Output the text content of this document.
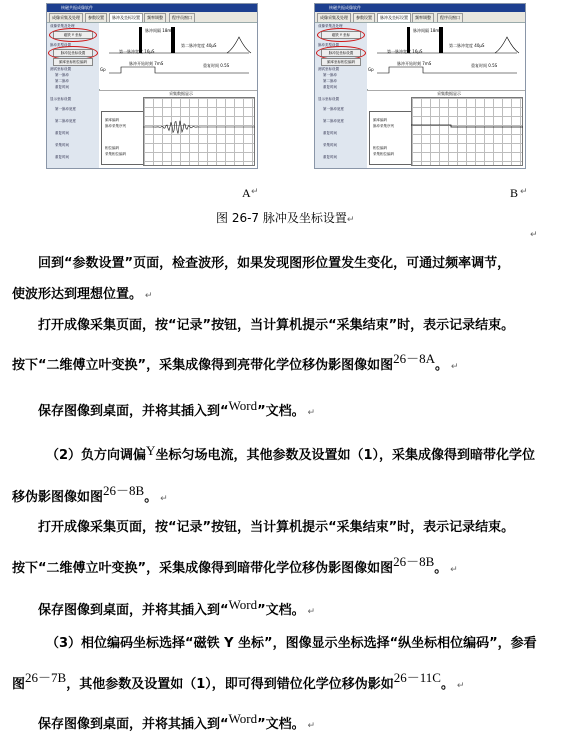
核磁共振成像软件
成像采集及处理	参数设置	脉冲及坐标设置	频率调整	程序员窗口
成像采集及处理
磁铁 Y 坐标
脉冲类型设置
脉冲及坐标设置
频率坐标相位编码
测试坐标设置
第一脉冲
第二脉冲
重复时间
显示坐标设置
第一脉冲宽度
第二脉冲宽度
重复时间
采集时间
重复时间
脉冲间隔 18mS
第一脉冲宽度 16μS
第二脉冲宽度 40μS
脉冲开始时刻 7mS	重复时间 0.5S
Gp
采集数据显示
频率编码
脉冲采集序列
相位编码
采集相位编码
核磁共振成像软件
成像采集及处理	参数设置	脉冲及坐标设置	频率调整	程序员窗口
成像采集及处理
磁铁 Y 坐标
脉冲类型设置
脉冲及坐标设置
频率坐标相位编码
测试坐标设置
第一脉冲
第二脉冲
重复时间
显示坐标设置
第一脉冲宽度
第二脉冲宽度
重复时间
采集时间
重复时间
脉冲间隔 18mS
第一脉冲宽度 16μS
第二脉冲宽度 40μS
脉冲开始时刻 7mS	重复时间 0.5S
Gp
采集数据显示
频率编码
脉冲采集序列
相位编码
采集相位编码
A ↵	B ↵
图 26-7 脉冲及坐标设置↵
↵
回到“参数设置”页面，检查波形，如果发现图形位置发生变化，可通过频率调节，
使波形达到理想位置。 ↵
打开成像采集页面，按“记录”按钮，当计算机提示“采集结束”时，表示记录结束。
按下“二维傅立叶变换”，采集成像得到亮带化学位移伪影图像如图26－8A。 ↵
保存图像到桌面，并将其插入到“Word”文档。 ↵
（2）负方向调偏Y坐标匀场电流，其他参数及设置如（1），采集成像得到暗带化学位
移伪影图像如图26－8B。 ↵
打开成像采集页面，按“记录”按钮，当计算机提示“采集结束”时，表示记录结束。
按下“二维傅立叶变换”，采集成像得到暗带化学位移伪影图像如图26－8B。 ↵
保存图像到桌面，并将其插入到“Word”文档。 ↵
（3）相位编码坐标选择“磁铁 Y 坐标”，图像显示坐标选择“纵坐标相位编码”，参看
图26－7B，其他参数及设置如（1），即可得到错位化学位移伪影如26－11C。 ↵
保存图像到桌面，并将其插入到“Word”文档。 ↵
